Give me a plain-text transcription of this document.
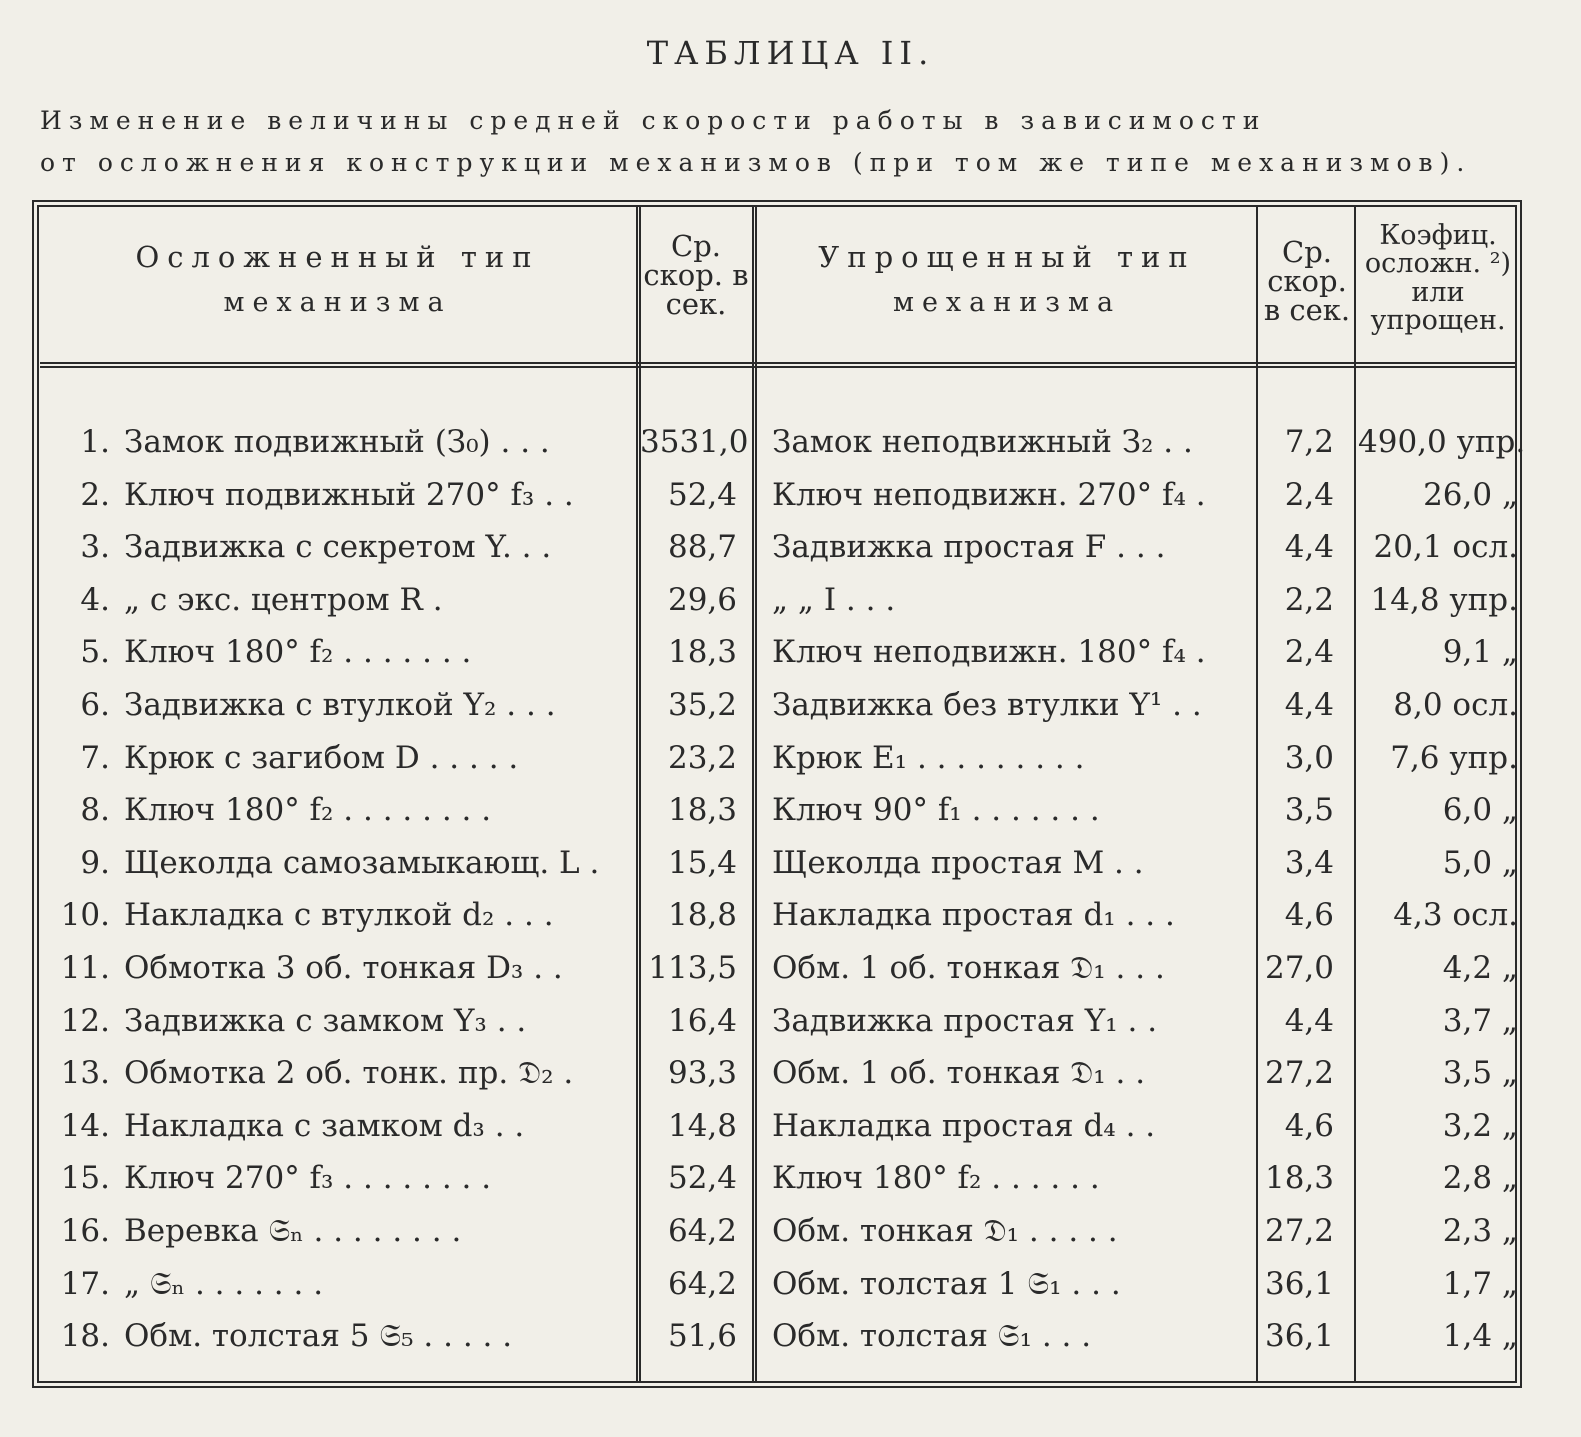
ТАБЛИЦА II.
Изменение величины средней скорости работы в зависимости
от осложнения конструкции механизмов (при том же типе механизмов).
Осложненный тип
механизма
Ср. скор. в сек.
Упрощенный тип
механизма
Ср. скор. в сек.
Коэфиц.
осложн. ²)
или
упрощен.
1. Замок подвижный (З₀) . . .	3531,0 Замок неподвижный З₂ . .	7,2 490,0 упр.
2. Ключ подвижный 270° f₃ . .	52,4 Ключ неподвижн. 270° f₄ .	2,4	26,0 „
3. Задвижка с секретом Y. . .	88,7 Задвижка простая F . . .	4,4	20,1 осл.
4. „ с экс. центром R .	29,6 „ „ I . . .	2,2	14,8 упр.
5. Ключ 180° f₂ . . . . . . .	18,3 Ключ неподвижн. 180° f₄ .	2,4	9,1 „
6. Задвижка с втулкой Y₂ . . .	35,2 Задвижка без втулки Y¹ . .	4,4	8,0 осл.
7. Крюк с загибом D . . . . .	23,2 Крюк E₁ . . . . . . . . .	3,0	7,6 упр.
8. Ключ 180° f₂ . . . . . . . .	18,3 Ключ 90° f₁ . . . . . . .	3,5	6,0 „
9. Щеколда самозамыкающ. L .	15,4 Щеколда простая M . .	3,4	5,0 „
10. Накладка с втулкой d₂ . . .	18,8 Накладка простая d₁ . . .	4,6	4,3 осл.
11. Обмотка 3 об. тонкая D₃ . .	113,5 Обм. 1 об. тонкая 𝔇₁ . . .	27,0	4,2 „
12. Задвижка с замком Y₃ . .	16,4 Задвижка простая Y₁ . .	4,4	3,7 „
13. Обмотка 2 об. тонк. пр. 𝔇₂ .	93,3 Обм. 1 об. тонкая 𝔇₁ . .	27,2	3,5 „
14. Накладка с замком d₃ . .	14,8 Накладка простая d₄ . .	4,6	3,2 „
15. Ключ 270° f₃ . . . . . . . .	52,4 Ключ 180° f₂ . . . . . .	18,3	2,8 „
16. Веревка 𝔖ₙ . . . . . . . .	64,2 Обм. тонкая 𝔇₁ . . . . .	27,2	2,3 „
17. „ 𝔖ₙ . . . . . . .	64,2 Обм. толстая 1 𝔖₁ . . .	36,1	1,7 „
18. Обм. толстая 5 𝔖₅ . . . . .	51,6 Обм. толстая 𝔖₁ . . .	36,1	1,4 „
